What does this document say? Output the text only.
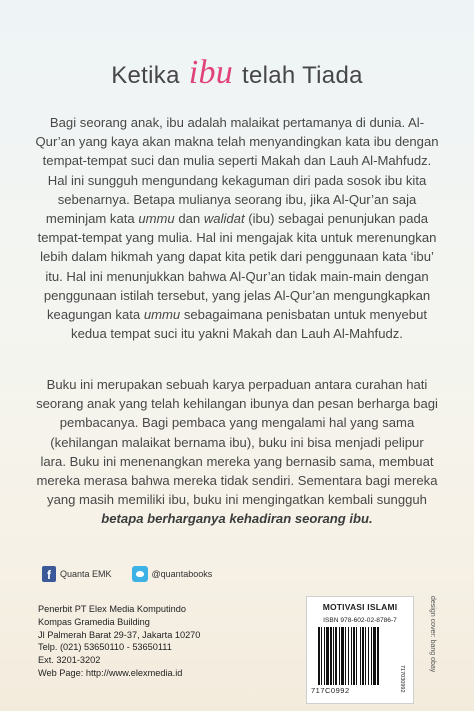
Ketika ibu telah Tiada
Bagi seorang anak, ibu adalah malaikat pertamanya di dunia. Al-Qur’an yang kaya akan makna telah menyandingkan kata ibu dengan tempat-tempat suci dan mulia seperti Makah dan Lauh Al-Mahfudz. Hal ini sungguh mengundang kekaguman diri pada sosok ibu kita sebenarnya. Betapa mulianya seorang ibu, jika Al-Qur’an saja meminjam kata ummu dan walidat (ibu) sebagai penunjukan pada tempat-tempat yang mulia. Hal ini mengajak kita untuk merenungkan lebih dalam hikmah yang dapat kita petik dari penggunaan kata ‘ibu’ itu. Hal ini menunjukkan bahwa Al-Qur’an tidak main-main dengan penggunaan istilah tersebut, yang jelas Al-Qur’an mengungkapkan keagungan kata ummu sebagaimana penisbatan untuk menyebut kedua tempat suci itu yakni Makah dan Lauh Al-Mahfudz.
Buku ini merupakan sebuah karya perpaduan antara curahan hati seorang anak yang telah kehilangan ibunya dan pesan berharga bagi pembacanya. Bagi pembaca yang mengalami hal yang sama (kehilangan malaikat bernama ibu), buku ini bisa menjadi pelipur lara. Buku ini menenangkan mereka yang bernasib sama, membuat mereka merasa bahwa mereka tidak sendiri. Sementara bagi mereka yang masih memiliki ibu, buku ini mengingatkan kembali sungguh betapa berharganya kehadiran seorang ibu.
f	Quanta EMK	@quantabooks
Penerbit PT Elex Media Komputindo
Kompas Gramedia Building
Jl Palmerah Barat 29-37, Jakarta 10270
Telp. (021) 53650110 - 53650111
Ext. 3201-3202
Web Page: http://www.elexmedia.id
MOTIVASI ISLAMI
ISBN 978-602-02-8786-7
717C0992	717030992
design cover: bang obay
